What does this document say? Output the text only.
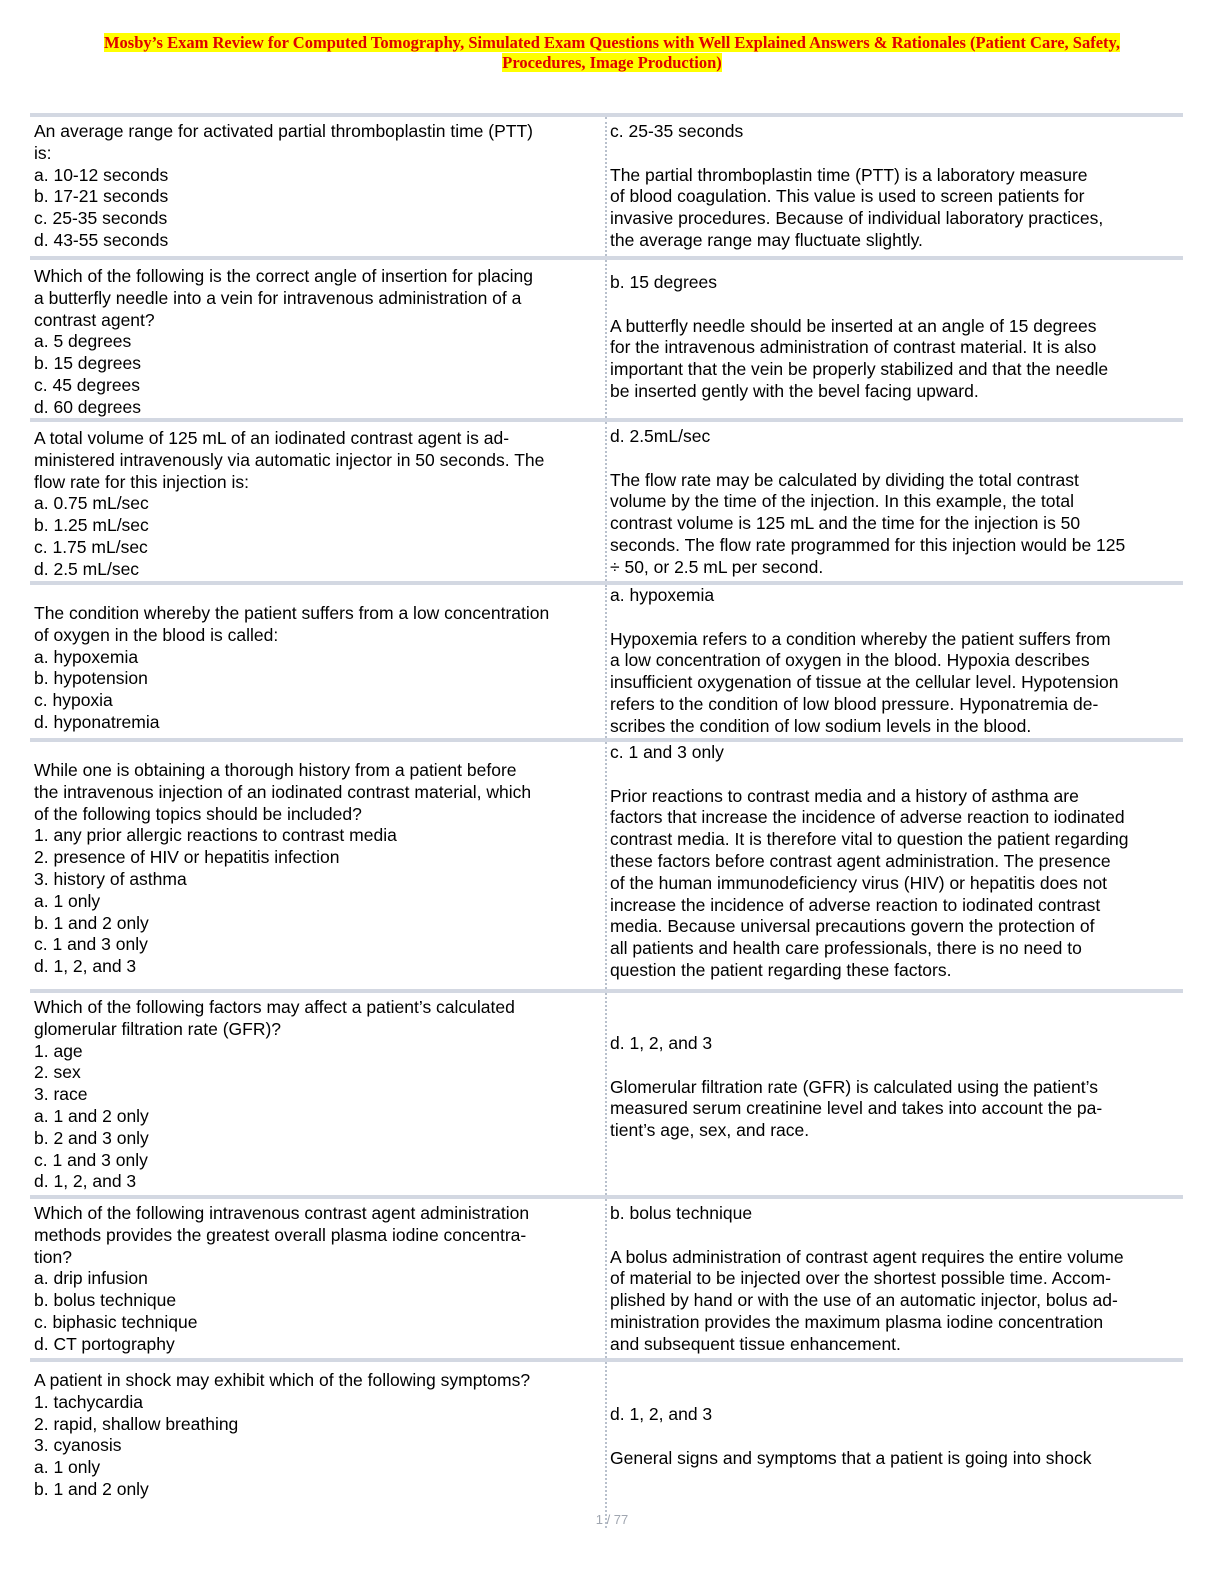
Mosby’s Exam Review for Computed Tomography, Simulated Exam Questions with Well Explained Answers & Rationales (Patient Care, Safety,
Procedures, Image Production)
An average range for activated partial thromboplastin time (PTT)
is:
a. 10-12 seconds
b. 17-21 seconds
c. 25-35 seconds
d. 43-55 seconds
c. 25-35 seconds
The partial thromboplastin time (PTT) is a laboratory measure
of blood coagulation. This value is used to screen patients for
invasive procedures. Because of individual laboratory practices,
the average range may fluctuate slightly.
Which of the following is the correct angle of insertion for placing
a butterfly needle into a vein for intravenous administration of a
contrast agent?
a. 5 degrees
b. 15 degrees
c. 45 degrees
d. 60 degrees
b. 15 degrees
A butterfly needle should be inserted at an angle of 15 degrees
for the intravenous administration of contrast material. It is also
important that the vein be properly stabilized and that the needle
be inserted gently with the bevel facing upward.
A total volume of 125 mL of an iodinated contrast agent is ad-
ministered intravenously via automatic injector in 50 seconds. The
flow rate for this injection is:
a. 0.75 mL/sec
b. 1.25 mL/sec
c. 1.75 mL/sec
d. 2.5 mL/sec
d. 2.5mL/sec
The flow rate may be calculated by dividing the total contrast
volume by the time of the injection. In this example, the total
contrast volume is 125 mL and the time for the injection is 50
seconds. The flow rate programmed for this injection would be 125
÷ 50, or 2.5 mL per second.
The condition whereby the patient suffers from a low concentration
of oxygen in the blood is called:
a. hypoxemia
b. hypotension
c. hypoxia
d. hyponatremia
a. hypoxemia
Hypoxemia refers to a condition whereby the patient suffers from
a low concentration of oxygen in the blood. Hypoxia describes
insufficient oxygenation of tissue at the cellular level. Hypotension
refers to the condition of low blood pressure. Hyponatremia de-
scribes the condition of low sodium levels in the blood.
While one is obtaining a thorough history from a patient before
the intravenous injection of an iodinated contrast material, which
of the following topics should be included?
1. any prior allergic reactions to contrast media
2. presence of HIV or hepatitis infection
3. history of asthma
a. 1 only
b. 1 and 2 only
c. 1 and 3 only
d. 1, 2, and 3
c. 1 and 3 only
Prior reactions to contrast media and a history of asthma are
factors that increase the incidence of adverse reaction to iodinated
contrast media. It is therefore vital to question the patient regarding
these factors before contrast agent administration. The presence
of the human immunodeficiency virus (HIV) or hepatitis does not
increase the incidence of adverse reaction to iodinated contrast
media. Because universal precautions govern the protection of
all patients and health care professionals, there is no need to
question the patient regarding these factors.
Which of the following factors may affect a patient’s calculated
glomerular filtration rate (GFR)?
1. age
2. sex
3. race
a. 1 and 2 only
b. 2 and 3 only
c. 1 and 3 only
d. 1, 2, and 3
d. 1, 2, and 3
Glomerular filtration rate (GFR) is calculated using the patient’s
measured serum creatinine level and takes into account the pa-
tient’s age, sex, and race.
Which of the following intravenous contrast agent administration
methods provides the greatest overall plasma iodine concentra-
tion?
a. drip infusion
b. bolus technique
c. biphasic technique
d. CT portography
b. bolus technique
A bolus administration of contrast agent requires the entire volume
of material to be injected over the shortest possible time. Accom-
plished by hand or with the use of an automatic injector, bolus ad-
ministration provides the maximum plasma iodine concentration
and subsequent tissue enhancement.
A patient in shock may exhibit which of the following symptoms?
1. tachycardia
2. rapid, shallow breathing
3. cyanosis
a. 1 only
b. 1 and 2 only
d. 1, 2, and 3
General signs and symptoms that a patient is going into shock
1 / 77
